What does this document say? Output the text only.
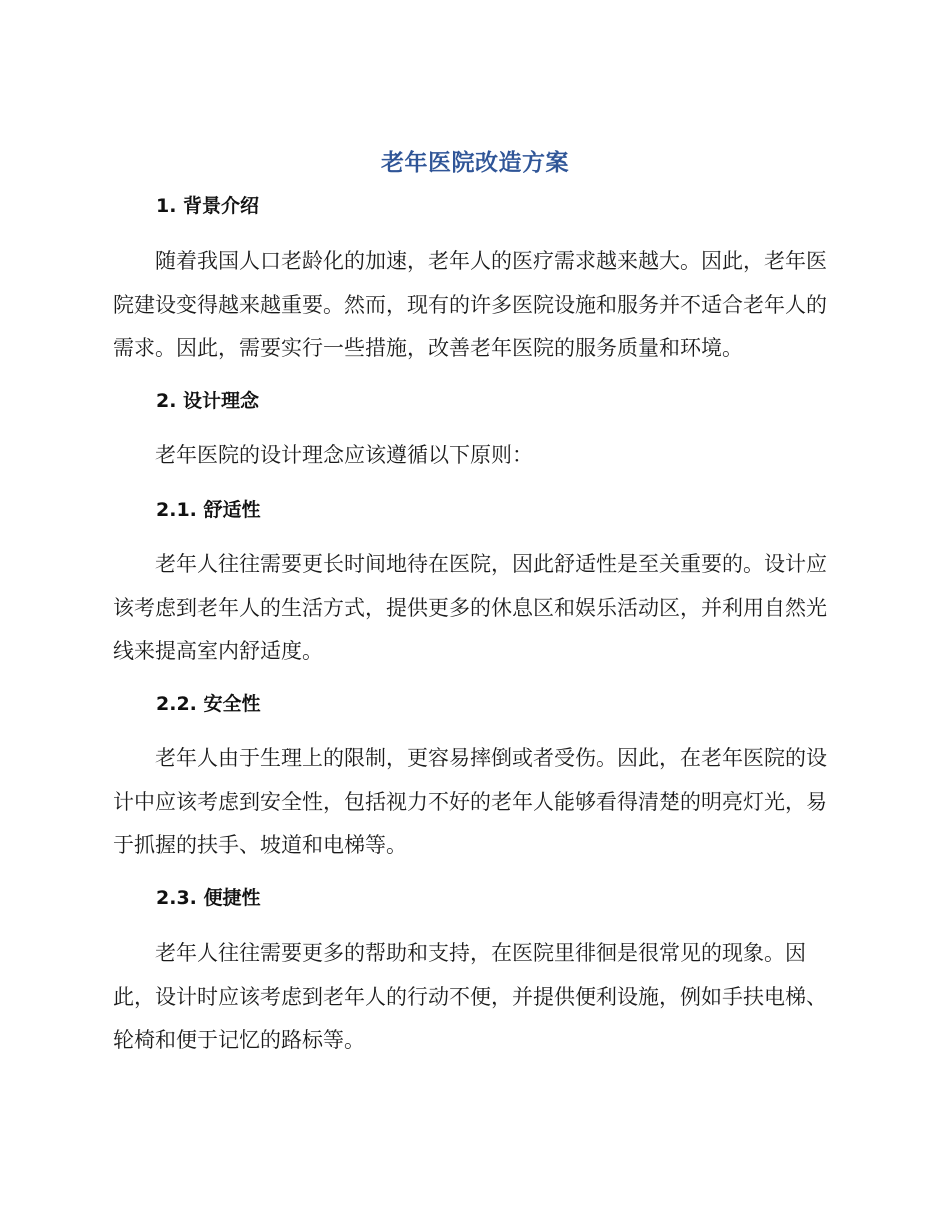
老年医院改造方案
1. 背景介绍

随着我国人口老龄化的加速，老年人的医疗需求越来越大。因此，老年医院建设变得越来越重要。然而，现有的许多医院设施和服务并不适合老年人的需求。因此，需要实行一些措施，改善老年医院的服务质量和环境。

2. 设计理念

老年医院的设计理念应该遵循以下原则：

2.1. 舒适性

老年人往往需要更长时间地待在医院，因此舒适性是至关重要的。设计应该考虑到老年人的生活方式，提供更多的休息区和娱乐活动区，并利用自然光线来提高室内舒适度。

2.2. 安全性

老年人由于生理上的限制，更容易摔倒或者受伤。因此，在老年医院的设计中应该考虑到安全性，包括视力不好的老年人能够看得清楚的明亮灯光，易于抓握的扶手、坡道和电梯等。

2.3. 便捷性

老年人往往需要更多的帮助和支持，在医院里徘徊是很常见的现象。因此，设计时应该考虑到老年人的行动不便，并提供便利设施，例如手扶电梯、轮椅和便于记忆的路标等。
